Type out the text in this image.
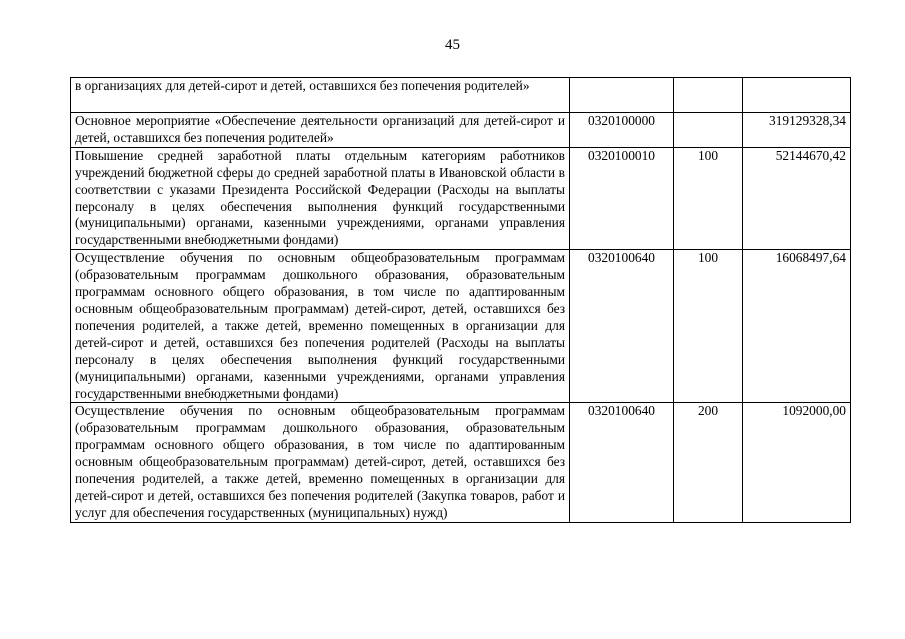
45
в организациях для детей-сирот и детей, оставшихся без попечения родителей»			
Основное мероприятие «Обеспечение деятельности организаций для детей-сирот и детей, оставшихся без попечения родителей»	0320100000		319129328,34
Повышение средней заработной платы отдельным категориям работников учреждений бюджетной сферы до средней заработной платы в Ивановской области в соответствии с указами Президента Российской Федерации (Расходы на выплаты персоналу в целях обеспечения выполнения функций государственными (муниципальными) органами, казенными учреждениями, органами управления государственными внебюджетными фондами)	0320100010	100	52144670,42
Осуществление обучения по основным общеобразовательным программам (образовательным программам дошкольного образования, образовательным программам основного общего образования, в том числе по адаптированным основным общеобразовательным программам) детей-сирот, детей, оставшихся без попечения родителей, а также детей, временно помещенных в организации для детей-сирот и детей, оставшихся без попечения родителей (Расходы на выплаты персоналу в целях обеспечения выполнения функций государственными (муниципальными) органами, казенными учреждениями, органами управления государственными внебюджетными фондами)	0320100640	100	16068497,64
Осуществление обучения по основным общеобразовательным программам (образовательным программам дошкольного образования, образовательным программам основного общего образования, в том числе по адаптированным основным общеобразовательным программам) детей-сирот, детей, оставшихся без попечения родителей, а также детей, временно помещенных в организации для детей-сирот и детей, оставшихся без попечения родителей (Закупка товаров, работ и услуг для обеспечения государственных (муниципальных) нужд)	0320100640	200	1092000,00
